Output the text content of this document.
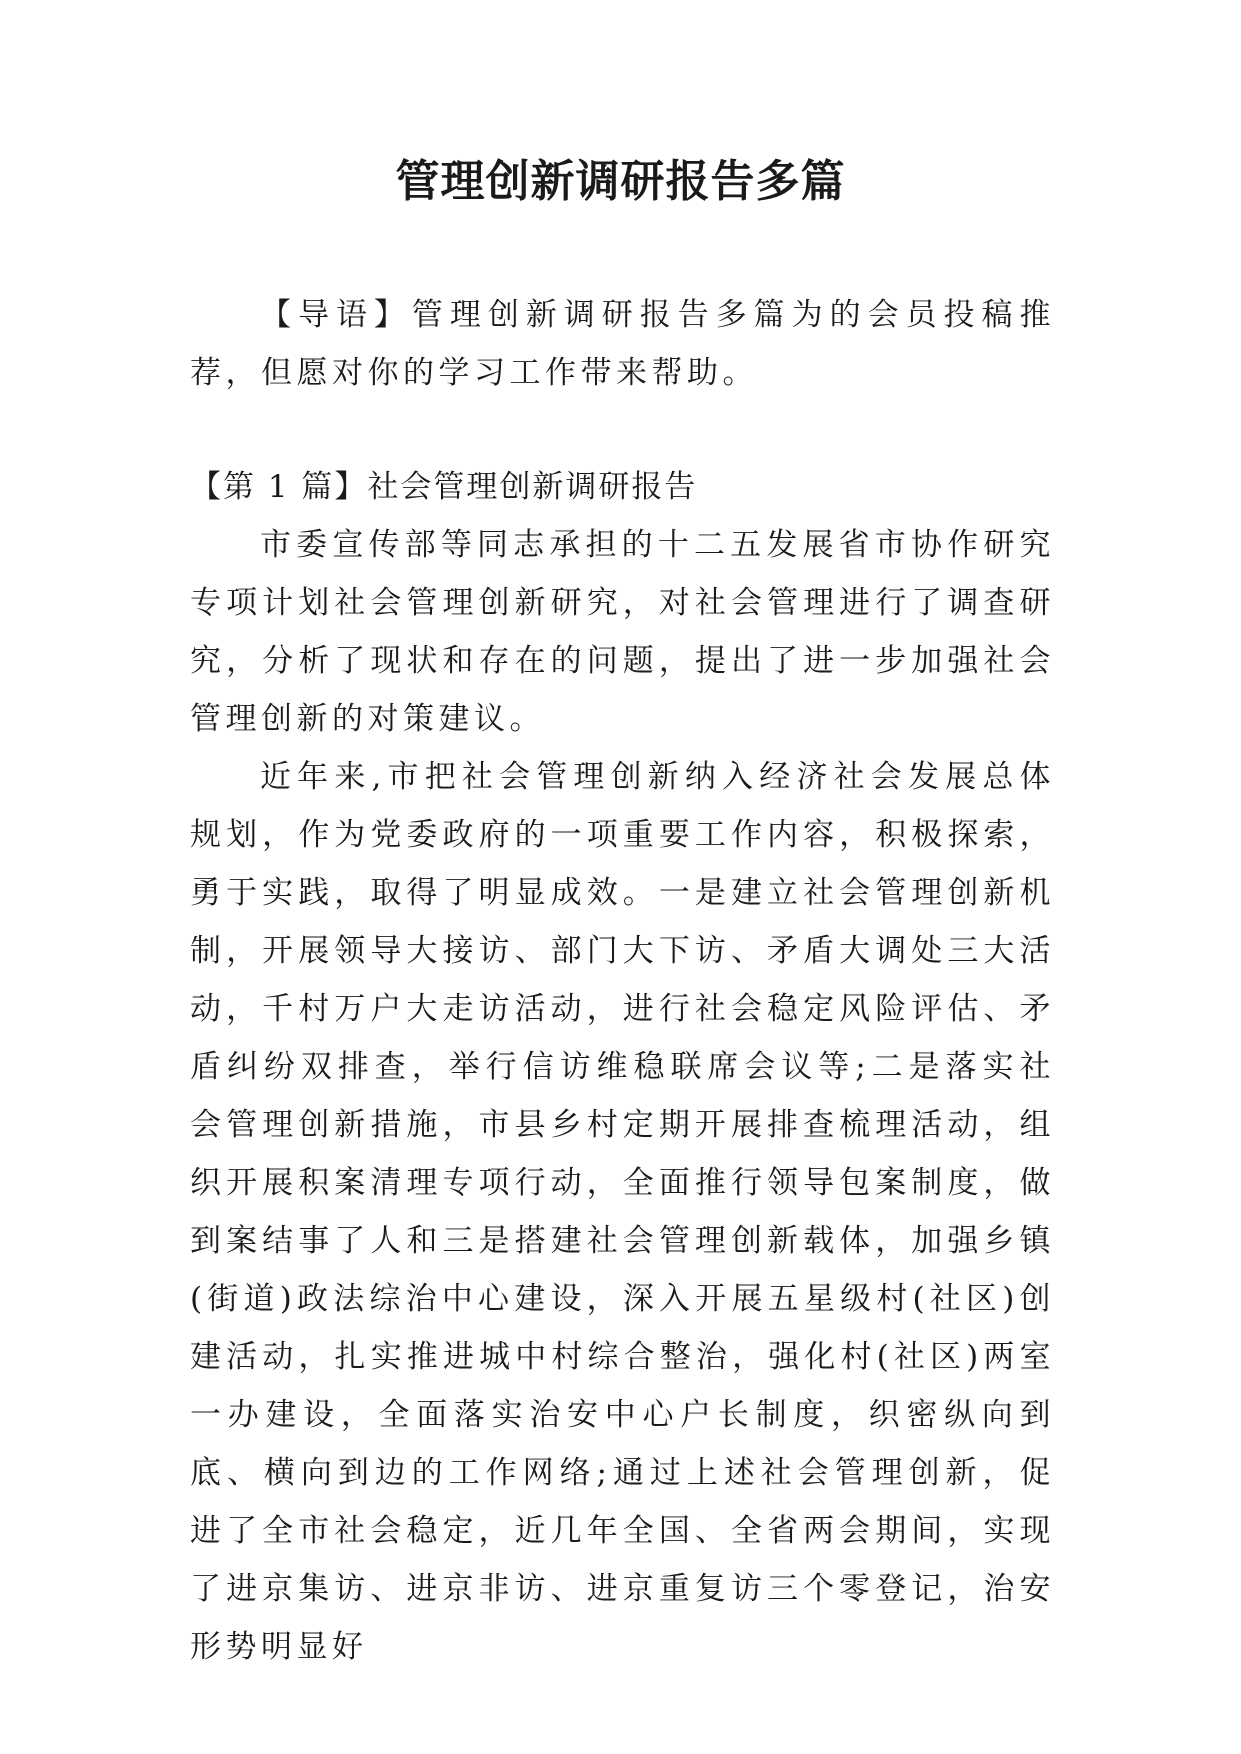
管理创新调研报告多篇

【导语】管理创新调研报告多篇为的会员投稿推荐，但愿对你的学习工作带来帮助。

【第 1 篇】社会管理创新调研报告

市委宣传部等同志承担的十二五发展省市协作研究专项计划社会管理创新研究，对社会管理进行了调查研究，分析了现状和存在的问题，提出了进一步加强社会管理创新的对策建议。

近年来,市把社会管理创新纳入经济社会发展总体规划，作为党委政府的一项重要工作内容，积极探索，勇于实践，取得了明显成效。一是建立社会管理创新机制，开展领导大接访、部门大下访、矛盾大调处三大活动，千村万户大走访活动，进行社会稳定风险评估、矛盾纠纷双排查，举行信访维稳联席会议等;二是落实社会管理创新措施，市县乡村定期开展排查梳理活动，组织开展积案清理专项行动，全面推行领导包案制度，做到案结事了人和三是搭建社会管理创新载体，加强乡镇(街道)政法综治中心建设，深入开展五星级村(社区)创建活动，扎实推进城中村综合整治，强化村(社区)两室一办建设，全面落实治安中心户长制度，织密纵向到底、横向到边的工作网络;通过上述社会管理创新，促进了全市社会稳定，近几年全国、全省两会期间，实现了进京集访、进京非访、进京重复访三个零登记，治安形势明显好
